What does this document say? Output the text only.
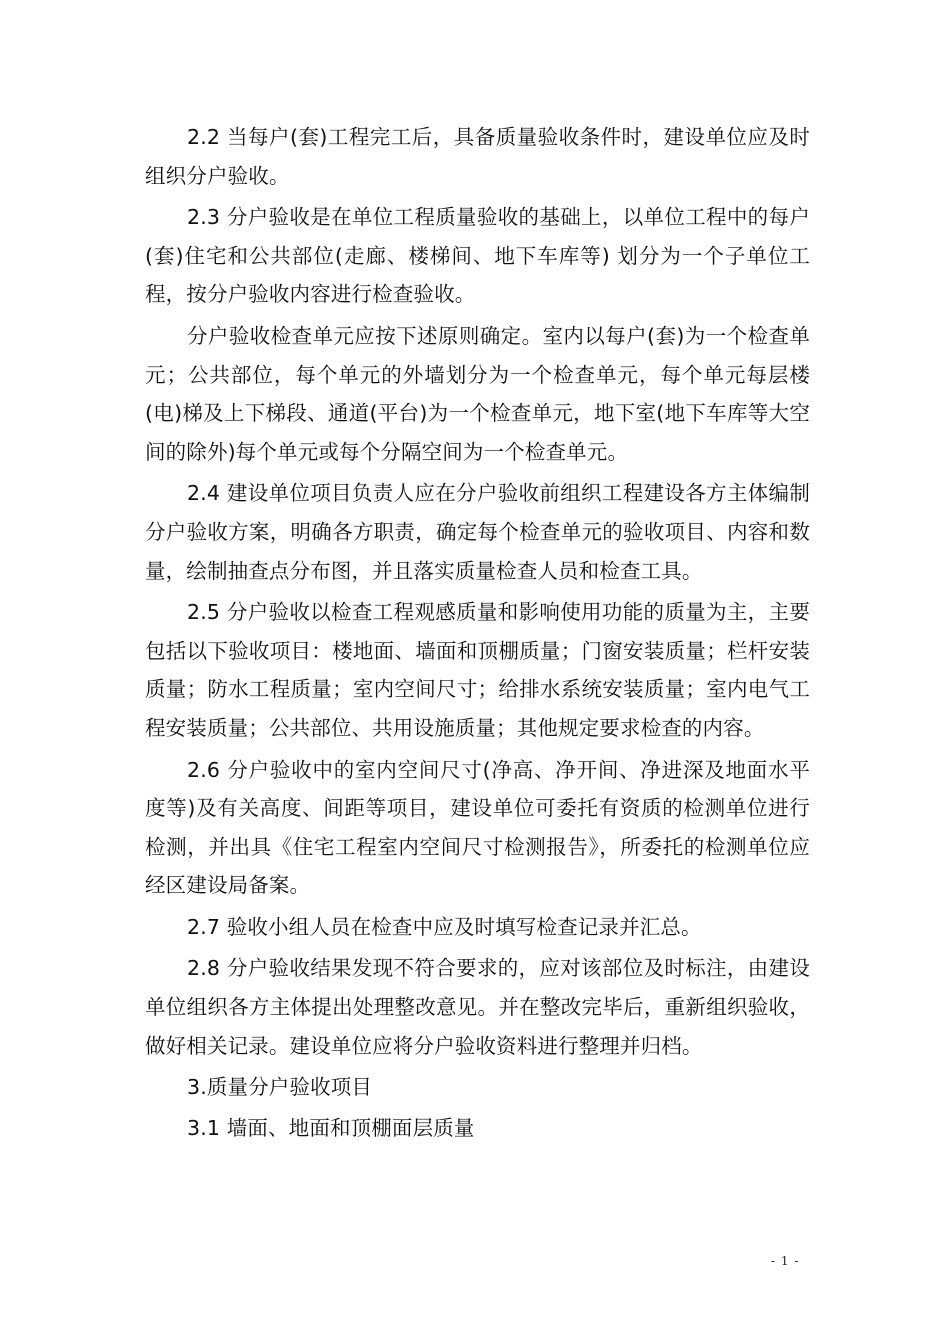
2.2 当每户(套)工程完工后，具备质量验收条件时，建设单位应及时组织分户验收。

2.3 分户验收是在单位工程质量验收的基础上，以单位工程中的每户(套)住宅和公共部位(走廊、楼梯间、地下车库等) 划分为一个子单位工程，按分户验收内容进行检查验收。

分户验收检查单元应按下述原则确定。室内以每户(套)为一个检查单元；公共部位，每个单元的外墙划分为一个检查单元，每个单元每层楼(电)梯及上下梯段、通道(平台)为一个检查单元，地下室(地下车库等大空间的除外)每个单元或每个分隔空间为一个检查单元。

2.4 建设单位项目负责人应在分户验收前组织工程建设各方主体编制分户验收方案，明确各方职责，确定每个检查单元的验收项目、内容和数量，绘制抽查点分布图，并且落实质量检查人员和检查工具。

2.5 分户验收以检查工程观感质量和影响使用功能的质量为主，主要包括以下验收项目：楼地面、墙面和顶棚质量；门窗安装质量；栏杆安装质量；防水工程质量；室内空间尺寸；给排水系统安装质量；室内电气工程安装质量；公共部位、共用设施质量；其他规定要求检查的内容。

2.6 分户验收中的室内空间尺寸(净高、净开间、净进深及地面水平度等)及有关高度、间距等项目，建设单位可委托有资质的检测单位进行检测，并出具《住宅工程室内空间尺寸检测报告》，所委托的检测单位应经区建设局备案。

2.7 验收小组人员在检查中应及时填写检查记录并汇总。

2.8 分户验收结果发现不符合要求的，应对该部位及时标注，由建设单位组织各方主体提出处理整改意见。并在整改完毕后，重新组织验收，做好相关记录。建设单位应将分户验收资料进行整理并归档。

3.质量分户验收项目

3.1 墙面、地面和顶棚面层质量

- 1 -
